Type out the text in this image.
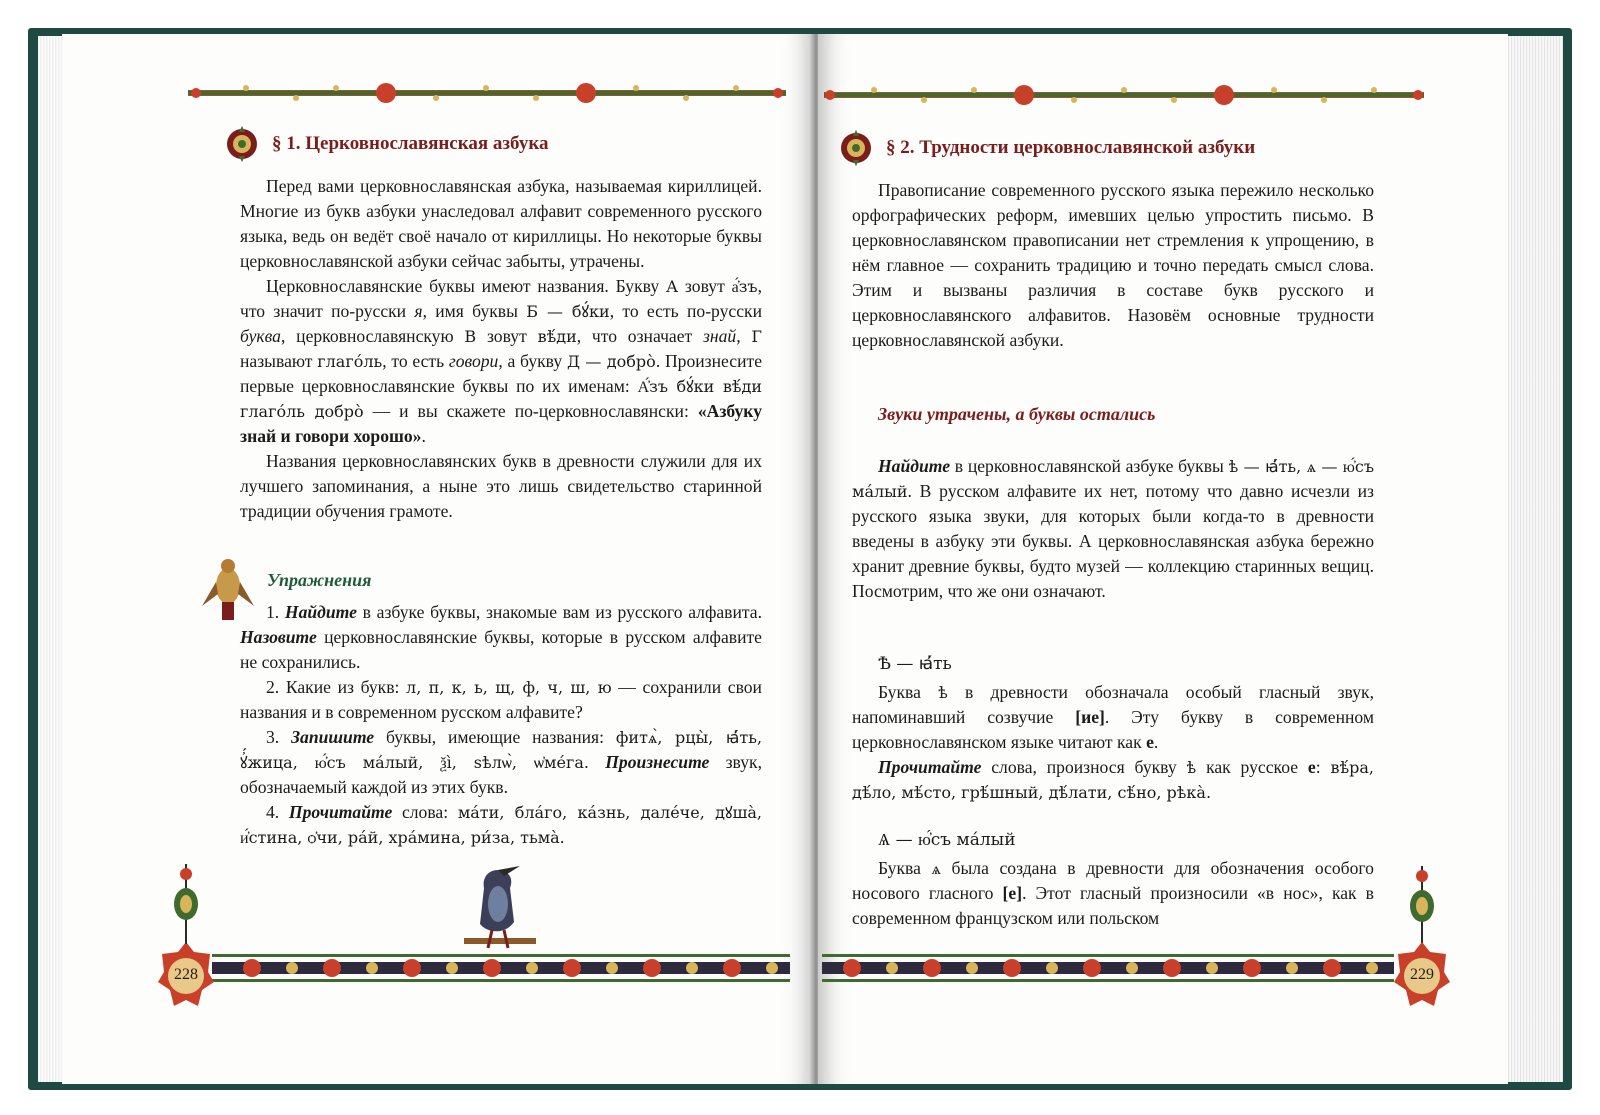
§ 1. Церковнославянская азбука

Перед вами церковнославянская азбука, называемая кириллицей. Многие из букв азбуки унаследовал алфавит современного русского языка, ведь он ведёт своё начало от кириллицы. Но некоторые буквы церковнославянской азбуки сейчас забыты, утрачены.

Церковнославянские буквы имеют названия. Букву А зовут а҆́зъ, что значит по-русски я, имя буквы Б — бꙋ́ки, то есть по-русски буква, церковнославянскую В зовут вѣ́ди, что означает знай, Г называют глаго́ль, то есть говори, а букву Д — добро̀. Произнесите первые церковнославянские буквы по их именам: А҆́зъ бꙋ́ки вѣ́ди глаго́ль добро̀ — и вы скажете по-церковнославянски: «Азбуку знай и говори хорошо».

Названия церковнославянских букв в древности служили для их лучшего запоминания, а ныне это лишь свидетельство старинной традиции обучения грамоте.

Упражнения

1. Найдите в азбуке буквы, знакомые вам из русского алфавита. Назовите церковнославянские буквы, которые в русском алфавите не сохранились.

2. Какие из букв: л, п, к, ь, щ, ф, ч, ш, ю — сохранили свои названия и в современном русском алфавите?

3. Запишите буквы, имеющие названия: фитѧ̀, рцы̀, ꙗ҆́ть, ꙋ҆́жица, ю҆́съ ма́лый, ѯі̀, ѕѣлѡ̀, ѡ҆ме́га. Произнесите звук, обозначаемый каждой из этих букв.

4. Прочитайте слова: ма́ти, бла́го, ка́знь, дале́че, дꙋша̀, и҆́стина, ѻ҆чи, ра́й, хра́мина, ри́за, тьма̀.

228
§ 2. Трудности церковнославянской азбуки

Правописание современного русского языка пережило несколько орфографических реформ, имевших целью упростить письмо. В церковнославянском правописании нет стремления к упрощению, в нём главное — сохранить традицию и точно передать смысл слова. Этим и вызваны различия в составе букв русского и церковнославянского алфавитов. Назовём основные трудности церковнославянской азбуки.

Звуки утрачены, а буквы остались

Найдите в церковнославянской азбуке буквы ѣ — ꙗ҆́ть, ѧ — ю҆́съ ма́лый. В русском алфавите их нет, потому что давно исчезли из русского языка звуки, для которых были когда-то в древности введены в азбуку эти буквы. А церковнославянская азбука бережно хранит древние буквы, будто музей — коллекцию старинных вещиц. Посмотрим, что же они означают.

Ѣ — ꙗ҆́ть

Буква ѣ в древности обозначала особый гласный звук, напоминавший созвучие [ие]. Эту букву в современном церковнославянском языке читают как е.

Прочитайте слова, произнося букву ѣ как русское е: вѣ́ра, дѣ́ло, мѣ́сто, грѣ́шный, дѣ́лати, сѣ́но, рѣка̀.

Ѧ — ю҆́съ ма́лый

Буква ѧ была создана в древности для обозначения особого носового гласного [е]. Этот гласный произносили «в нос», как в современном французском или польском

229
